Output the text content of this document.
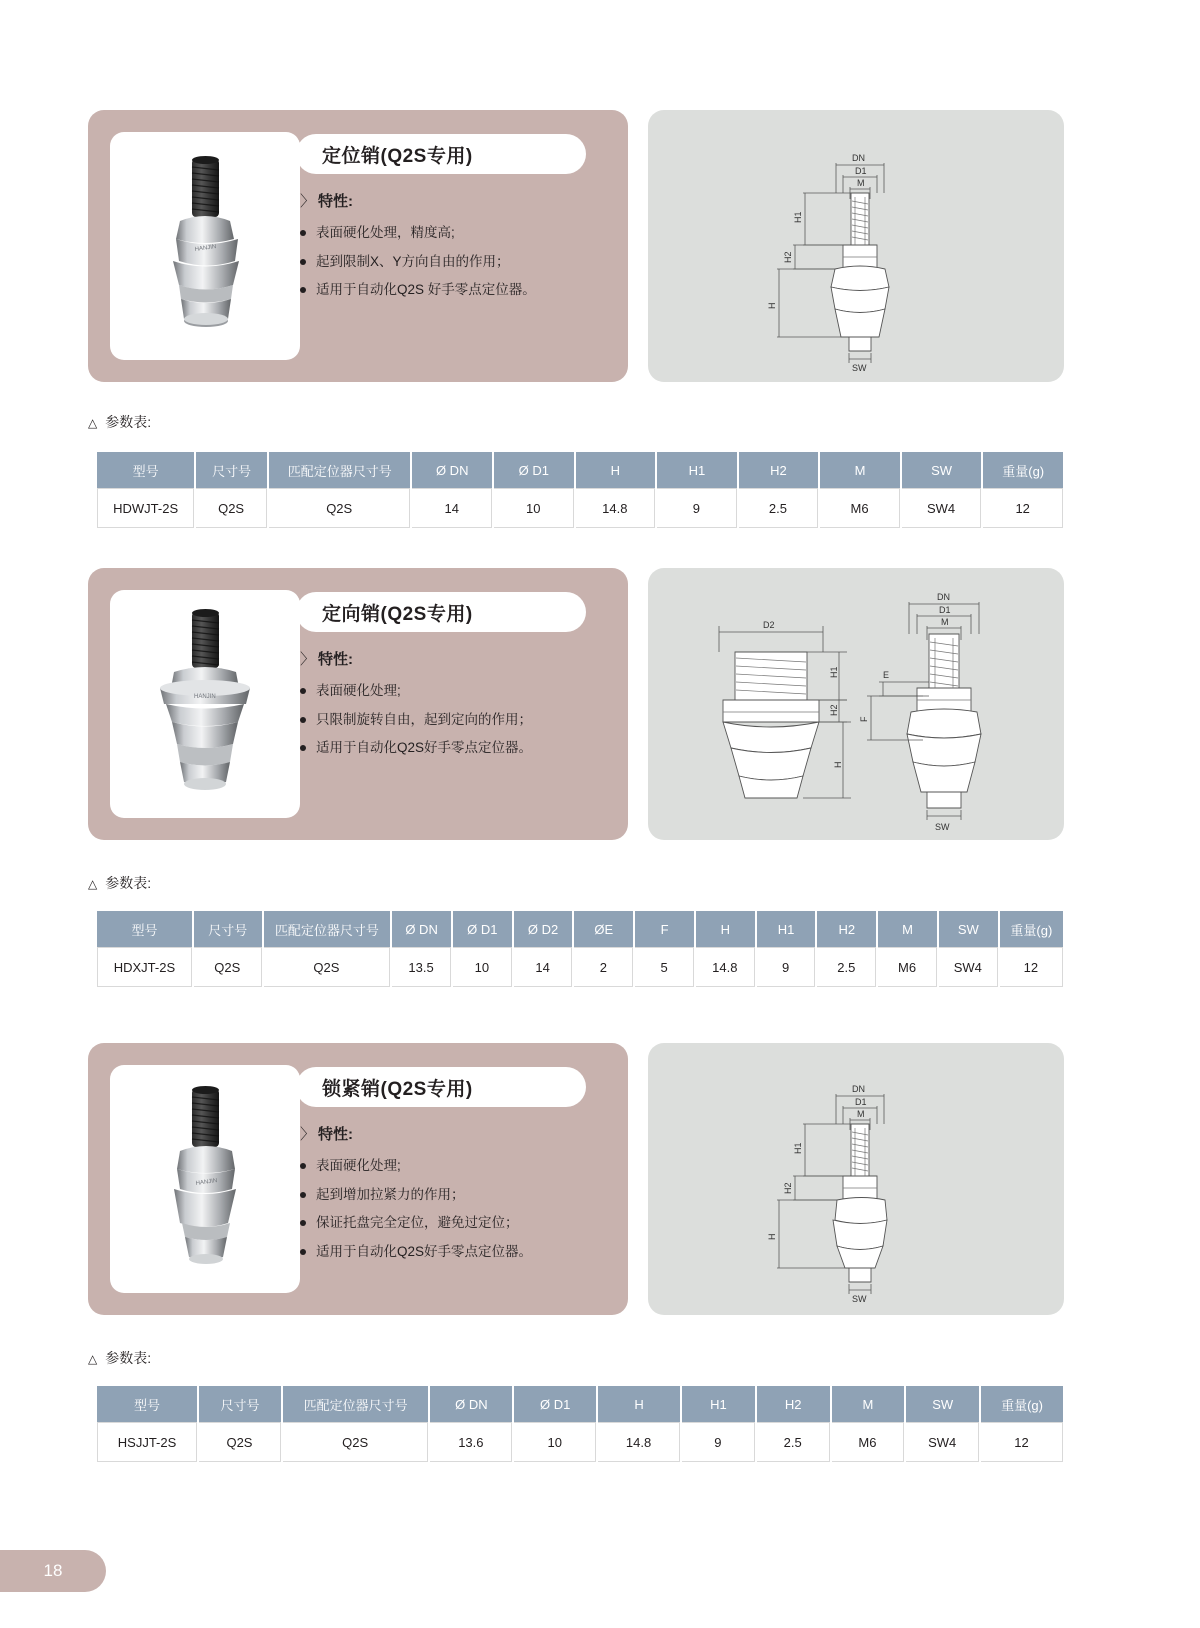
HANJIN
定位销(Q2S专用)
〉 特性:
表面硬化处理，精度高;
起到限制X、Y方向自由的作用；
适用于自动化Q2S 好手零点定位器。
DN
D1
M
H1
H2
H
SW
△ 参数表:
型号	尺寸号	匹配定位器尺寸号	Ø DN	Ø D1	H	H1	H2	M	SW	重量(g)
HDWJT-2S	Q2S	Q2S	14	10	14.8	9	2.5	M6	SW4	12
HANJIN
定向销(Q2S专用)
〉 特性:
表面硬化处理;
只限制旋转自由，起到定向的作用；
适用于自动化Q2S好手零点定位器。
D2
H1
H2
H
DN
D1
M
E
F
SW
△ 参数表:
型号	尺寸号	匹配定位器尺寸号	Ø DN	Ø D1	Ø D2	ØE	F	H	H1	H2	M	SW	重量(g)
HDXJT-2S	Q2S	Q2S	13.5	10	14	2	5	14.8	9	2.5	M6	SW4	12
HANJIN
锁紧销(Q2S专用)
〉 特性:
表面硬化处理;
起到增加拉紧力的作用；
保证托盘完全定位，避免过定位；
适用于自动化Q2S好手零点定位器。
DN
D1
M
H1
H2
H
SW
△ 参数表:
型号	尺寸号	匹配定位器尺寸号	Ø DN	Ø D1	H	H1	H2	M	SW	重量(g)
HSJJT-2S	Q2S	Q2S	13.6	10	14.8	9	2.5	M6	SW4	12
18
